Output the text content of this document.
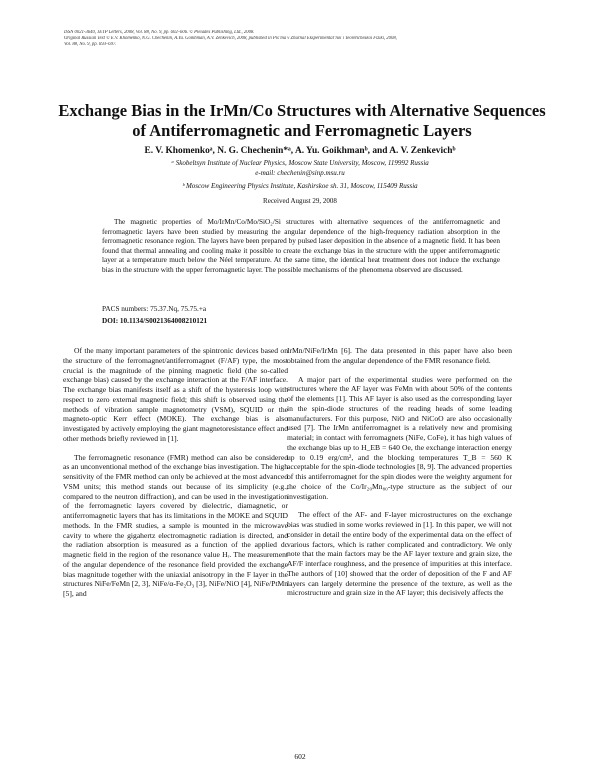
ISSN 0021-3640, JETP Letters, 2008, Vol. 88, No. 9, pp. 602–606. © Pleiades Publishing, Ltd., 2008.
Original Russian Text © E.V. Khomenko, N.G. Chechenin, A.Yu. Goikhman, A.V. Zenkevich, 2008, published in Pis’ma v Zhurnal Éksperimental’noi i Teoreticheskoi Fiziki, 2008,
Vol. 88, No. 9, pp. 693–697.
Exchange Bias in the IrMn/Co Structures with Alternative Sequences of Antiferromagnetic and Ferromagnetic Layers
E. V. Khomenkoᵃ, N. G. Chechenin*ᵃ, A. Yu. Goikhmanᵇ, and A. V. Zenkevichᵇ
ᵃ Skobeltsyn Institute of Nuclear Physics, Moscow State University, Moscow, 119992 Russia
e-mail: chechenin@sinp.msu.ru
ᵇ Moscow Engineering Physics Institute, Kashirskoe sh. 31, Moscow, 115409 Russia
Received August 29, 2008
The magnetic properties of Mo/IrMn/Co/Mo/SiO₂/Si structures with alternative sequences of the antiferromagnetic and ferromagnetic layers have been studied by measuring the angular dependence of the high-frequency radiation absorption in the ferromagnetic resonance region. The layers have been prepared by pulsed laser deposition in the absence of a magnetic field. It has been found that thermal annealing and cooling make it possible to create the exchange bias in the structure with the upper antiferromagnetic layer at a temperature much below the Néel temperature. At the same time, the identical heat treatment does not induce the exchange bias in the structure with the upper ferromagnetic layer. The possible mechanisms of the phenomena observed are discussed.
PACS numbers: 75.37.Nq, 75.75.+a
DOI: 10.1134/S0021364008210121

Of the many important parameters of the spintronic devices based on the structure of the ferromagnet/antiferromagnet (F/AF) type, the most crucial is the magnitude of the pinning magnetic field (the so-called exchange bias) caused by the exchange interaction at the F/AF interface. The exchange bias manifests itself as a shift of the hysteresis loop with respect to zero external magnetic field; this shift is observed using the methods of vibration sample magnetometry (VSM), SQUID or the magneto-optic Kerr effect (MOKE). The exchange bias is also investigated by actively employing the giant magnetoresistance effect and other methods briefly reviewed in [1].

The ferromagnetic resonance (FMR) method can also be considered as an unconventional method of the exchange bias investigation. The high sensitivity of the FMR method can only be achieved at the most advanced VSM units; this method stands out because of its simplicity (e.g., compared to the neutron diffraction), and can be used in the investigation of the ferromagnetic layers covered by dielectric, diamagnetic, or antiferromagnetic layers that has its limitations in the MOKE and SQUID methods. In the FMR studies, a sample is mounted in the microwave cavity to where the gigahertz electromagnetic radiation is directed, and the radiation absorption is measured as a function of the applied dc magnetic field in the region of the resonance value Hᵣ. The measurement of the angular dependence of the resonance field provided the exchange bias magnitude together with the uniaxial anisotropy in the F layer in the structures NiFe/FeMn [2, 3], NiFe/α-Fe₂O₃ [3], NiFe/NiO [4], NiFe/PtMn [5], and

IrMn/NiFe/IrMn [6]. The data presented in this paper have also been obtained from the angular dependence of the FMR resonance field.

A major part of the experimental studies were performed on the structures where the AF layer was FeMn with about 50% of the contents of the elements [1]. This AF layer is also used as the corresponding layer in the spin-diode structures of the reading heads of some leading manufacturers. For this purpose, NiO and NiCoO are also occasionally used [7]. The IrMn antiferromagnet is a relatively new and promising material; in contact with ferromagnets (NiFe, CoFe), it has high values of the exchange bias up to H_EB = 640 Oe, the exchange interaction energy up to 0.19 erg/cm², and the blocking temperatures T_B = 560 K acceptable for the spin-diode technologies [8, 9]. The advanced properties of this antiferromagnet for the spin diodes were the weighty argument for the choice of the Co/Ir₂₀Mn₈₀-type structure as the subject of our investigation.

The effect of the AF- and F-layer microstructures on the exchange bias was studied in some works reviewed in [1]. In this paper, we will not consider in detail the entire body of the experimental data on the effect of various factors, which is rather complicated and contradictory. We only note that the main factors may be the AF layer texture and grain size, the AF/F interface roughness, and the presence of impurities at this interface. The authors of [10] showed that the order of deposition of the F and AF layers can largely determine the presence of the texture, as well as the microstructure and grain size in the AF layer; this decisively affects the

602
